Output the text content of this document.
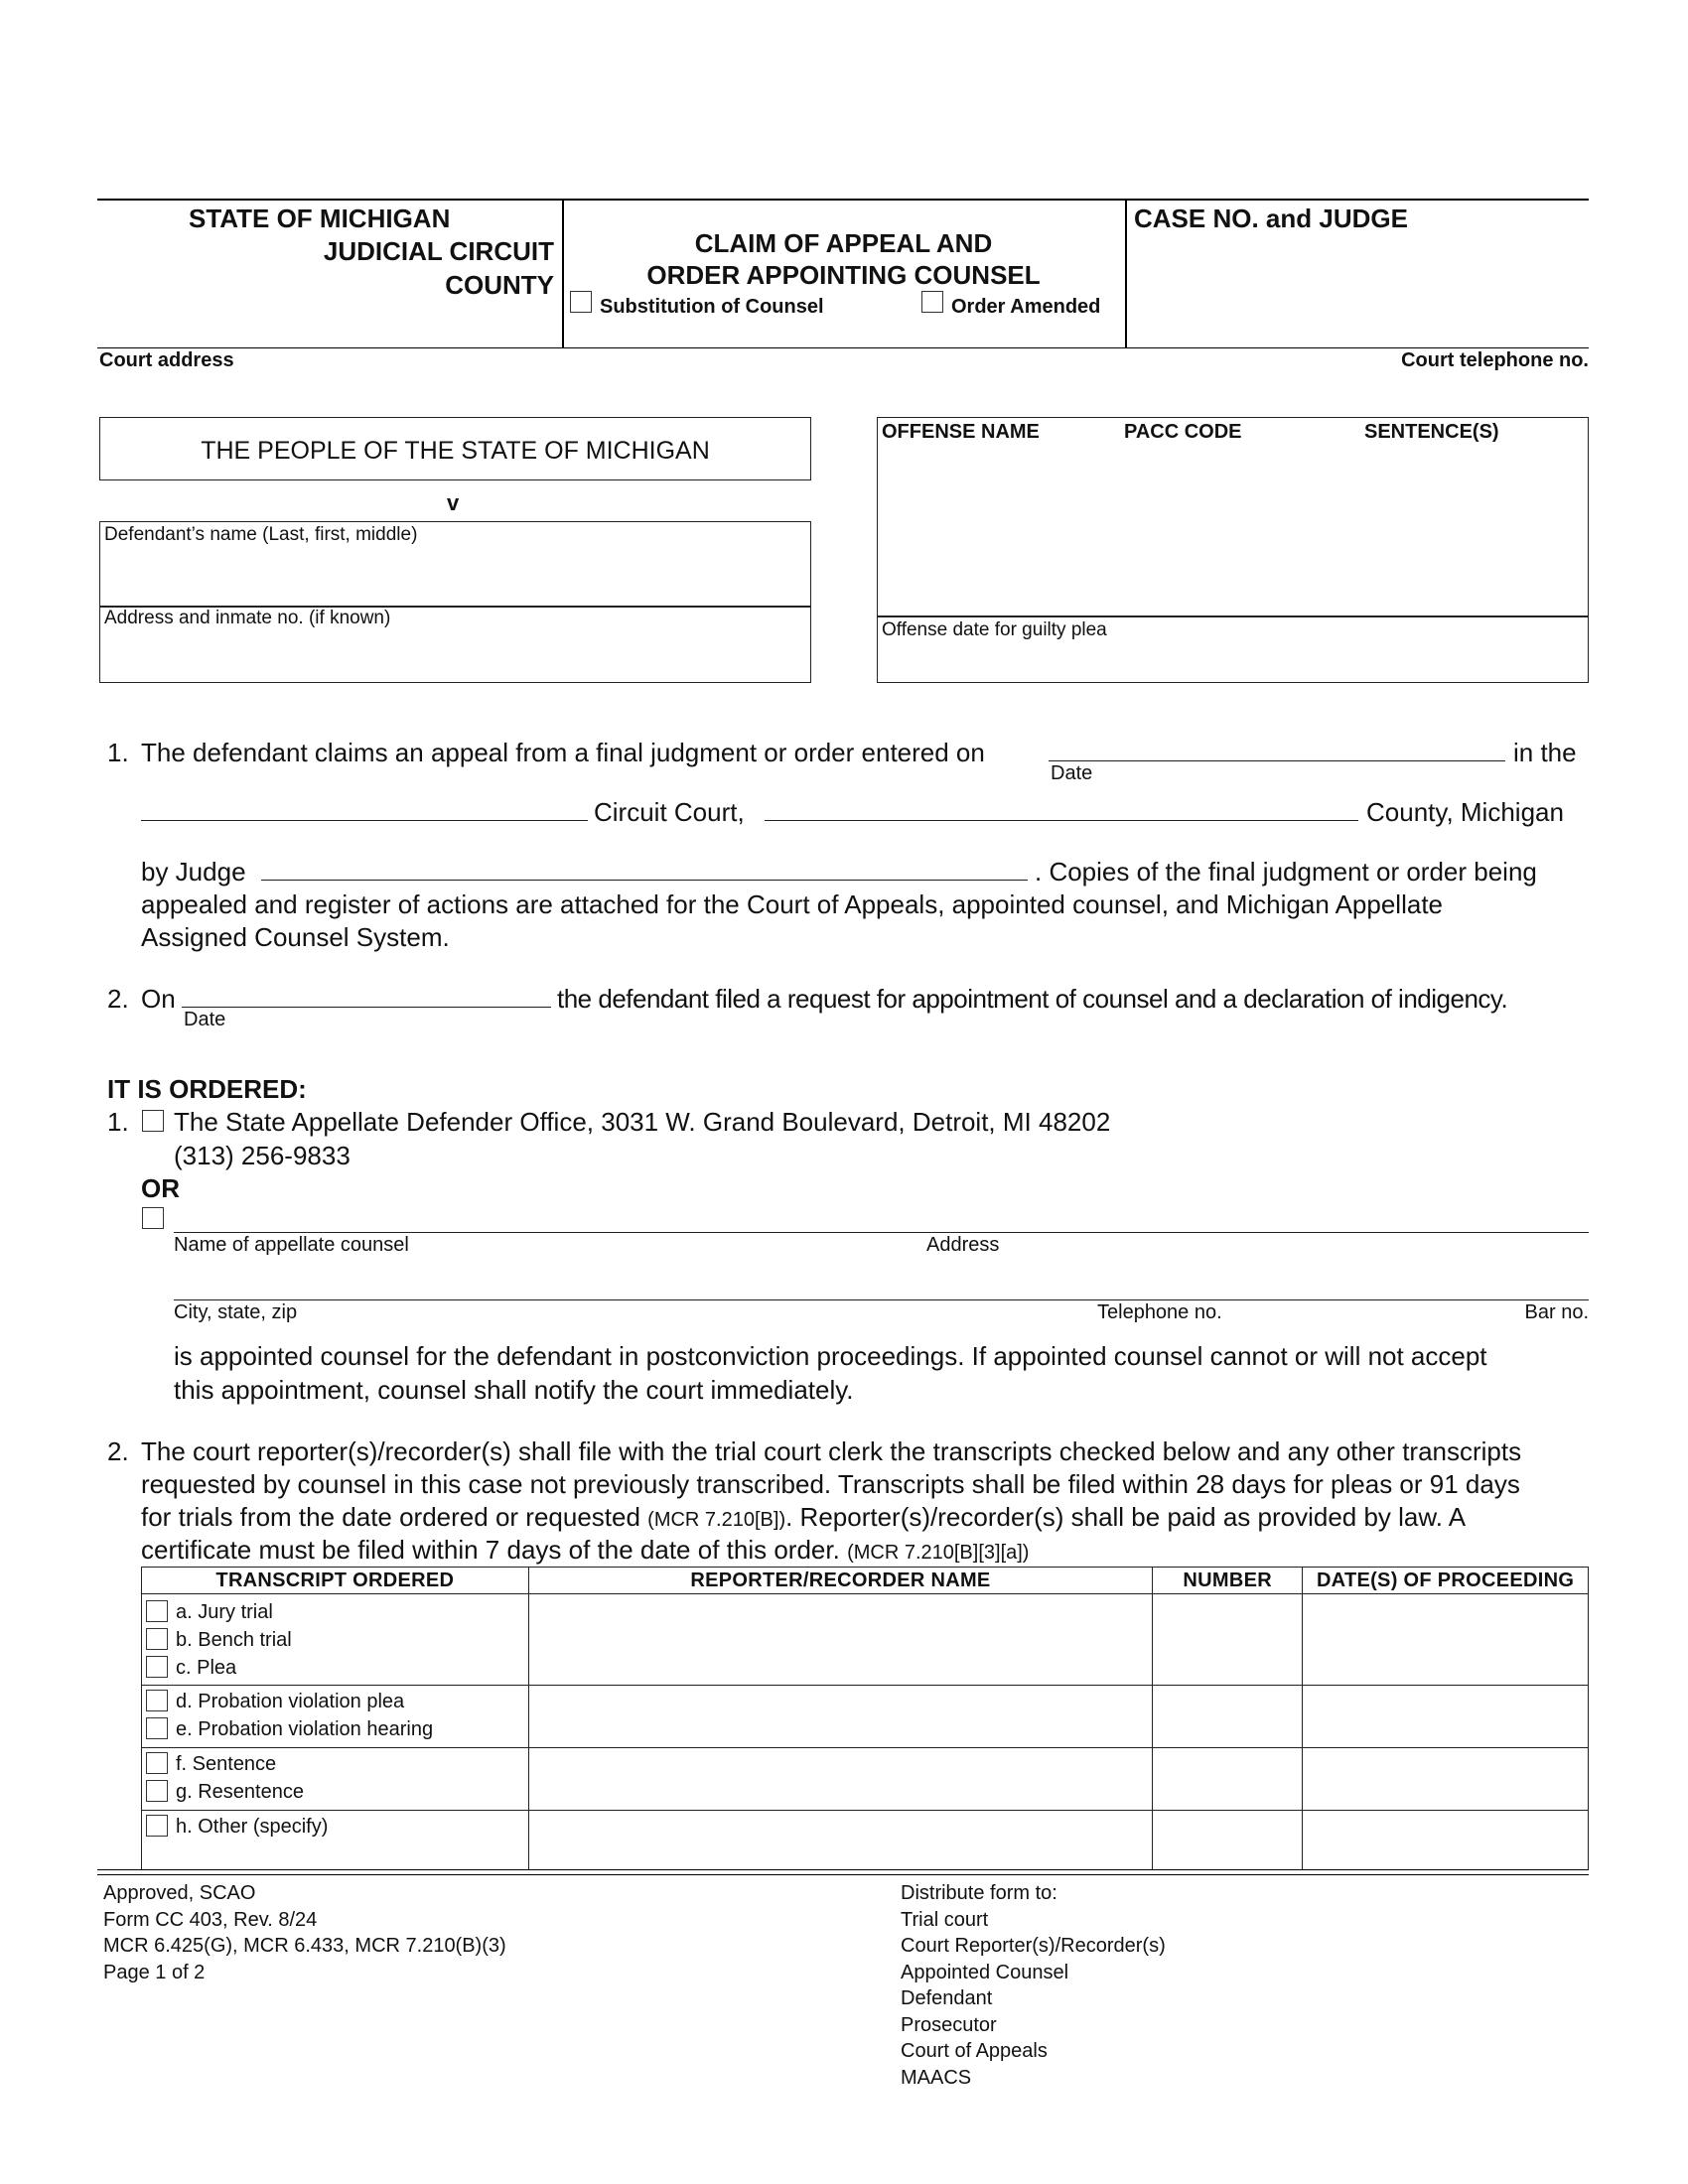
STATE OF MICHIGAN
JUDICIAL CIRCUIT
COUNTY
CLAIM OF APPEAL AND
ORDER APPOINTING COUNSEL
Substitution of Counsel	Order Amended
CASE NO. and JUDGE
Court address	Court telephone no.
THE PEOPLE OF THE STATE OF MICHIGAN
v
Defendant’s name (Last, first, middle)
Address and inmate no. (if known)
OFFENSE NAME	PACC CODE	SENTENCE(S)
Offense date for guilty plea
1. The defendant claims an appeal from a final judgment or order entered on
Date
in the
Circuit Court,	County, Michigan
by Judge	. Copies of the final judgment or order being
appealed and register of actions are attached for the Court of Appeals, appointed counsel, and Michigan Appellate
Assigned Counsel System.
2. On
Date
the defendant filed a request for appointment of counsel and a declaration of indigency.
IT IS ORDERED:
1. The State Appellate Defender Office, 3031 W. Grand Boulevard, Detroit, MI 48202
(313) 256-9833
OR
Name of appellate counsel	Address
City, state, zip	Telephone no.	Bar no.
is appointed counsel for the defendant in postconviction proceedings. If appointed counsel cannot or will not accept
this appointment, counsel shall notify the court immediately.
2. The court reporter(s)/recorder(s) shall file with the trial court clerk the transcripts checked below and any other transcripts
requested by counsel in this case not previously transcribed. Transcripts shall be filed within 28 days for pleas or 91 days
for trials from the date ordered or requested (MCR 7.210[B]). Reporter(s)/recorder(s) shall be paid as provided by law. A
certificate must be filed within 7 days of the date of this order. (MCR 7.210[B][3][a])
TRANSCRIPT ORDERED	REPORTER/RECORDER NAME	NUMBER	DATE(S) OF PROCEEDING

a. Jury trial
b. Bench trial
c. Plea			

d. Probation violation plea
e. Probation violation hearing			

f. Sentence
g. Resentence			

h. Other (specify)			

Approved, SCAO
Form CC 403, Rev. 8/24
MCR 6.425(G), MCR 6.433, MCR 7.210(B)(3)
Page 1 of 2
Distribute form to:
Trial court
Court Reporter(s)/Recorder(s)
Appointed Counsel
Defendant
Prosecutor
Court of Appeals
MAACS
